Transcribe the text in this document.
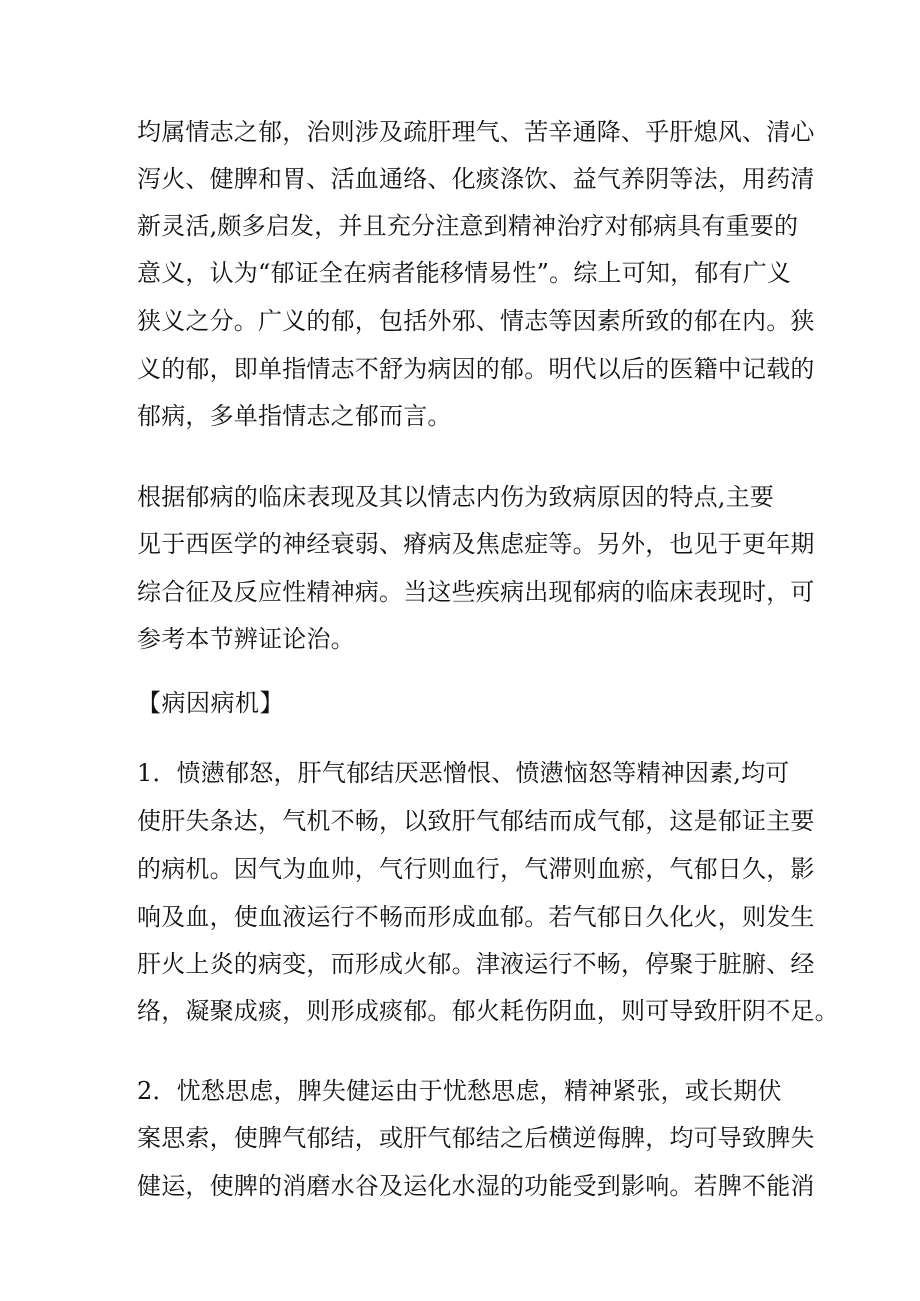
均属情志之郁，治则涉及疏肝理气、苦辛通降、乎肝熄风、清心
泻火、健脾和胃、活血通络、化痰涤饮、益气养阴等法，用药清
新灵活,颇多启发，并且充分注意到精神治疗对郁病具有重要的
意义，认为“郁证全在病者能移情易性”。综上可知，郁有广义
狭义之分。广义的郁，包括外邪、情志等因素所致的郁在内。狭
义的郁，即单指情志不舒为病因的郁。明代以后的医籍中记载的
郁病，多单指情志之郁而言。
根据郁病的临床表现及其以情志内伤为致病原因的特点,主要
见于西医学的神经衰弱、瘠病及焦虑症等。另外，也见于更年期
综合征及反应性精神病。当这些疾病出现郁病的临床表现时，可
参考本节辨证论治。
【病因病机】
1．愤懑郁怒，肝气郁结厌恶憎恨、愤懑恼怒等精神因素,均可
使肝失条达，气机不畅，以致肝气郁结而成气郁，这是郁证主要
的病机。因气为血帅，气行则血行，气滞则血瘀，气郁日久，影
响及血，使血液运行不畅而形成血郁。若气郁日久化火，则发生
肝火上炎的病变，而形成火郁。津液运行不畅，停聚于脏腑、经
络，凝聚成痰，则形成痰郁。郁火耗伤阴血，则可导致肝阴不足。
2．忧愁思虑，脾失健运由于忧愁思虑，精神紧张，或长期伏
案思索，使脾气郁结，或肝气郁结之后横逆侮脾，均可导致脾失
健运，使脾的消磨水谷及运化水湿的功能受到影响。若脾不能消
